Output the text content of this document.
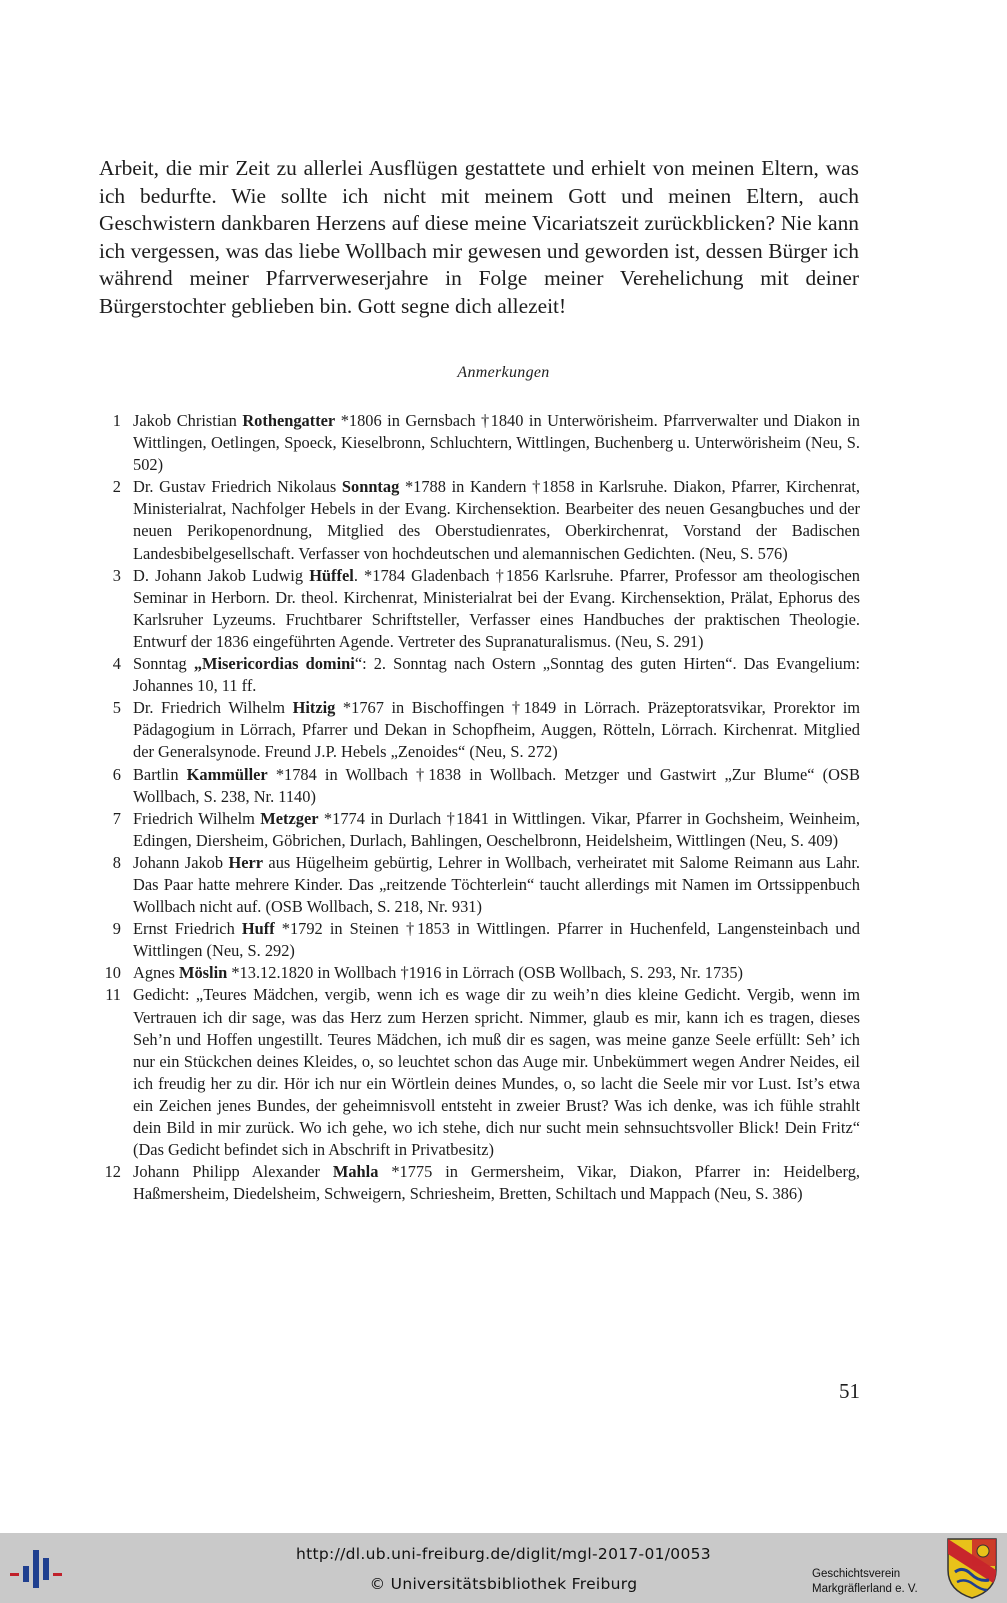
Arbeit, die mir Zeit zu allerlei Ausflügen gestattete und erhielt von meinen Eltern, was ich bedurfte. Wie sollte ich nicht mit meinem Gott und meinen Eltern, auch Geschwistern dankbaren Herzens auf diese meine Vicariatszeit zurückblicken? Nie kann ich vergessen, was das liebe Wollbach mir gewesen und geworden ist, dessen Bürger ich während meiner Pfarrverweserjahre in Folge meiner Verehelichung mit deiner Bürgerstochter geblieben bin. Gott segne dich allezeit!

Anmerkungen

1 Jakob Christian Rothengatter *1806 in Gernsbach †1840 in Unterwörisheim. Pfarrverwalter und Diakon in Wittlingen, Oetlingen, Spoeck, Kieselbronn, Schluchtern, Wittlingen, Buchenberg u. Unterwörisheim (Neu, S. 502)
2 Dr. Gustav Friedrich Nikolaus Sonntag *1788 in Kandern †1858 in Karlsruhe. Diakon, Pfarrer, Kirchenrat, Ministerialrat, Nachfolger Hebels in der Evang. Kirchensektion. Bearbeiter des neuen Gesangbuches und der neuen Perikopenordnung, Mitglied des Oberstudienrates, Oberkirchenrat, Vorstand der Badischen Landesbibelgesellschaft. Verfasser von hochdeutschen und alemannischen Gedichten. (Neu, S. 576)
3 D. Johann Jakob Ludwig Hüffel. *1784 Gladenbach †1856 Karlsruhe. Pfarrer, Professor am theologischen Seminar in Herborn. Dr. theol. Kirchenrat, Ministerialrat bei der Evang. Kirchensektion, Prälat, Ephorus des Karlsruher Lyzeums. Fruchtbarer Schriftsteller, Verfasser eines Handbuches der praktischen Theologie. Entwurf der 1836 eingeführten Agende. Vertreter des Supranaturalismus. (Neu, S. 291)
4 Sonntag „Misericordias domini“: 2. Sonntag nach Ostern „Sonntag des guten Hirten“. Das Evangelium: Johannes 10, 11 ff.
5 Dr. Friedrich Wilhelm Hitzig *1767 in Bischoffingen †1849 in Lörrach. Präzeptoratsvikar, Prorektor im Pädagogium in Lörrach, Pfarrer und Dekan in Schopfheim, Auggen, Rötteln, Lörrach. Kirchenrat. Mitglied der Generalsynode. Freund J.P. Hebels „Zenoides“ (Neu, S. 272)
6 Bartlin Kammüller *1784 in Wollbach †1838 in Wollbach. Metzger und Gastwirt „Zur Blume“ (OSB Wollbach, S. 238, Nr. 1140)
7 Friedrich Wilhelm Metzger *1774 in Durlach †1841 in Wittlingen. Vikar, Pfarrer in Gochsheim, Weinheim, Edingen, Diersheim, Göbrichen, Durlach, Bahlingen, Oeschelbronn, Heidelsheim, Wittlingen (Neu, S. 409)
8 Johann Jakob Herr aus Hügelheim gebürtig, Lehrer in Wollbach, verheiratet mit Salome Reimann aus Lahr. Das Paar hatte mehrere Kinder. Das „reitzende Töchterlein“ taucht allerdings mit Namen im Ortssippenbuch Wollbach nicht auf. (OSB Wollbach, S. 218, Nr. 931)
9 Ernst Friedrich Huff *1792 in Steinen †1853 in Wittlingen. Pfarrer in Huchenfeld, Langensteinbach und Wittlingen (Neu, S. 292)
10 Agnes Möslin *13.12.1820 in Wollbach †1916 in Lörrach (OSB Wollbach, S. 293, Nr. 1735)
11 Gedicht: „Teures Mädchen, vergib, wenn ich es wage dir zu weih’n dies kleine Gedicht. Vergib, wenn im Vertrauen ich dir sage, was das Herz zum Herzen spricht. Nimmer, glaub es mir, kann ich es tragen, dieses Seh’n und Hoffen ungestillt. Teures Mädchen, ich muß dir es sagen, was meine ganze Seele erfüllt: Seh’ ich nur ein Stückchen deines Kleides, o, so leuchtet schon das Auge mir. Unbekümmert wegen Andrer Neides, eil ich freudig her zu dir. Hör ich nur ein Wörtlein deines Mundes, o, so lacht die Seele mir vor Lust. Ist’s etwa ein Zeichen jenes Bundes, der geheimnisvoll entsteht in zweier Brust? Was ich denke, was ich fühle strahlt dein Bild in mir zurück. Wo ich gehe, wo ich stehe, dich nur sucht mein sehnsuchtsvoller Blick! Dein Fritz“ (Das Gedicht befindet sich in Abschrift in Privatbesitz)
12 Johann Philipp Alexander Mahla *1775 in Germersheim, Vikar, Diakon, Pfarrer in: Heidelberg, Haßmersheim, Diedelsheim, Schweigern, Schriesheim, Bretten, Schiltach und Mappach (Neu, S. 386)
51
http://dl.ub.uni-freiburg.de/diglit/mgl-2017-01/0053
© Universitätsbibliothek Freiburg
Geschichtsverein
Markgräflerland e. V.
